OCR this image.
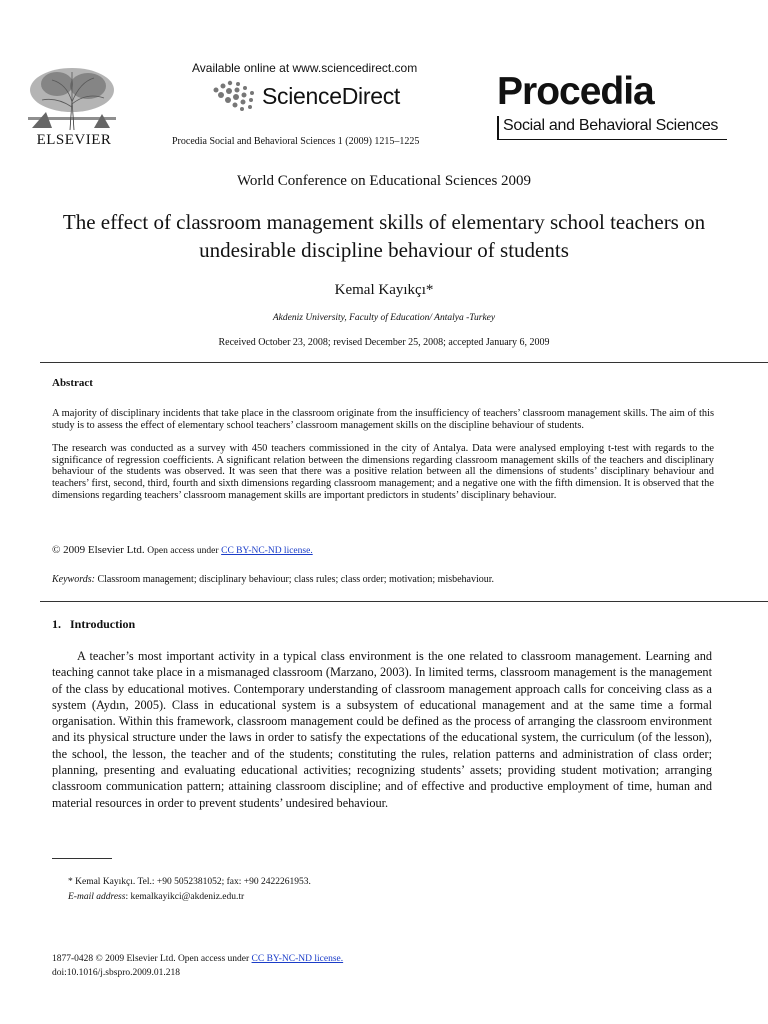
ELSEVIER
Available online at www.sciencedirect.com
ScienceDirect
Procedia Social and Behavioral Sciences 1 (2009) 1215–1225
Procedia
Social and Behavioral Sciences
World Conference on Educational Sciences 2009
The effect of classroom management skills of elementary school teachers on undesirable discipline behaviour of students
Kemal Kayıkçı*
Akdeniz University, Faculty of Education/ Antalya -Turkey
Received October 23, 2008; revised December 25, 2008; accepted January 6, 2009
Abstract
A majority of disciplinary incidents that take place in the classroom originate from the insufficiency of teachers’ classroom management skills. The aim of this study is to assess the effect of elementary school teachers’ classroom management skills on the discipline behaviour of students.
The research was conducted as a survey with 450 teachers commissioned in the city of Antalya. Data were analysed employing t-test with regards to the significance of regression coefficients. A significant relation between the dimensions regarding classroom management skills of the teachers and disciplinary behaviour of the students was observed. It was seen that there was a positive relation between all the dimensions of students’ disciplinary behaviour and teachers’ first, second, third, fourth and sixth dimensions regarding classroom management; and a negative one with the fifth dimension. It is observed that the dimensions regarding teachers’ classroom management skills are important predictors in students’ disciplinary behaviour.
© 2009 Elsevier Ltd. Open access under CC BY-NC-ND license.
Keywords: Classroom management; disciplinary behaviour; class rules; class order; motivation; misbehaviour.
1.   Introduction
A teacher’s most important activity in a typical class environment is the one related to classroom management. Learning and teaching cannot take place in a mismanaged classroom (Marzano, 2003). In limited terms, classroom management is the management of the class by educational motives. Contemporary understanding of classroom management approach calls for conceiving class as a system (Aydın, 2005). Class in educational system is a subsystem of educational management and at the same time a formal organisation. Within this framework, classroom management could be defined as the process of arranging the classroom environment and its physical structure under the laws in order to satisfy the expectations of the educational system, the curriculum (of the lesson), the school, the lesson, the teacher and of the students; constituting the rules, relation patterns and administration of class order; planning, presenting and evaluating educational activities; recognizing students’ assets; providing student motivation; arranging classroom communication pattern; attaining classroom discipline; and of effective and productive employment of time, human and material resources in order to prevent students’ undesired behaviour.
* Kemal Kayıkçı. Tel.: +90 5052381052; fax: +90 2422261953.
E-mail address: kemalkayikci@akdeniz.edu.tr
1877-0428 © 2009 Elsevier Ltd. Open access under CC BY-NC-ND license.
doi:10.1016/j.sbspro.2009.01.218
